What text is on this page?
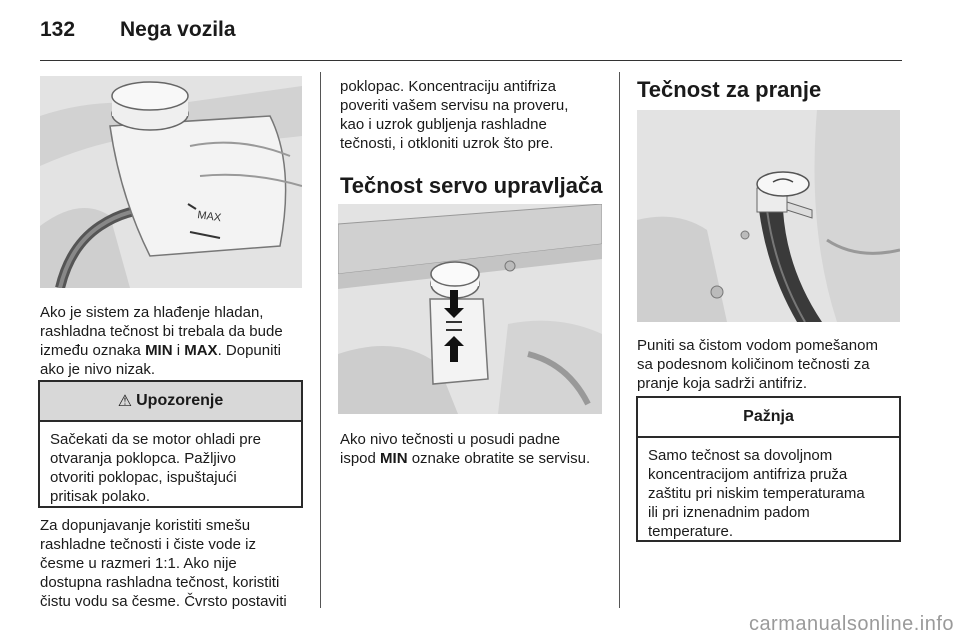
132 Nega vozila
MAX

Ako je sistem za hlađenje hladan,
rashladna tečnost bi trebala da bude
između oznaka MIN i MAX. Dopuniti
ako je nivo nizak.

⚠ Upozorenje
Sačekati da se motor ohladi pre
otvaranja poklopca. Pažljivo
otvoriti poklopac, ispuštajući
pritisak polako.

Za dopunjavanje koristiti smešu
rashladne tečnosti i čiste vode iz
česme u razmeri 1:1. Ako nije
dostupna rashladna tečnost, koristiti
čistu vodu sa česme. Čvrsto postaviti

poklopac. Koncentraciju antifriza
poveriti vašem servisu na proveru,
kao i uzrok gubljenja rashladne
tečnosti, i otkloniti uzrok što pre.

Tečnost servo upravljača

Ako nivo tečnosti u posudi padne
ispod MIN oznake obratite se servisu.

Tečnost za pranje

Puniti sa čistom vodom pomešanom
sa podesnom količinom tečnosti za
pranje koja sadrži antifriz.

Pažnja
Samo tečnost sa dovoljnom
koncentracijom antifriza pruža
zaštitu pri niskim temperaturama
ili pri iznenadnim padom
temperature.
carmanualsonline.info
